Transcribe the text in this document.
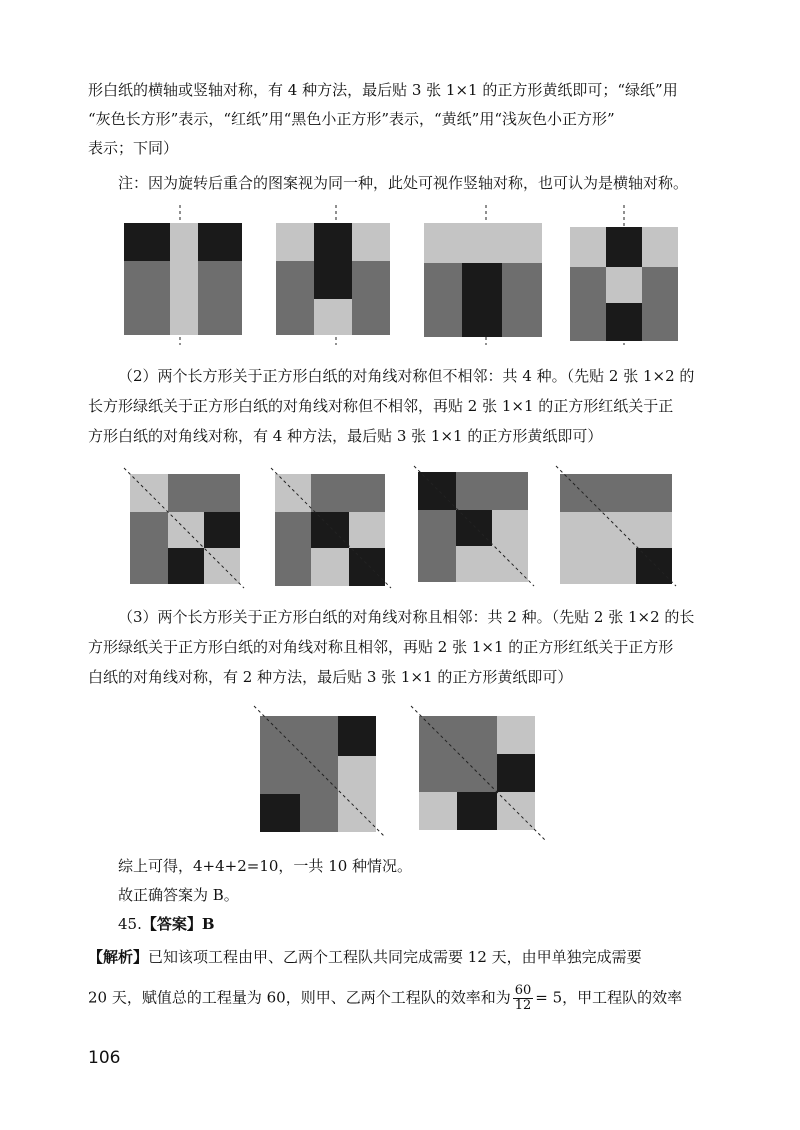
形白纸的横轴或竖轴对称，有 4 种方法，最后贴 3 张 1×1 的正方形黄纸即可；“绿纸”用
“灰色长方形”表示，“红纸”用“黑色小正方形”表示，“黄纸”用“浅灰色小正方形”
表示；下同）
注：因为旋转后重合的图案视为同一种，此处可视作竖轴对称，也可认为是横轴对称。
（2）两个长方形关于正方形白纸的对角线对称但不相邻：共 4 种。（先贴 2 张 1×2 的
长方形绿纸关于正方形白纸的对角线对称但不相邻，再贴 2 张 1×1 的正方形红纸关于正
方形白纸的对角线对称，有 4 种方法，最后贴 3 张 1×1 的正方形黄纸即可）
（3）两个长方形关于正方形白纸的对角线对称且相邻：共 2 种。（先贴 2 张 1×2 的长
方形绿纸关于正方形白纸的对角线对称且相邻，再贴 2 张 1×1 的正方形红纸关于正方形
白纸的对角线对称，有 2 种方法，最后贴 3 张 1×1 的正方形黄纸即可）
综上可得，4+4+2=10，一共 10 种情况。
故正确答案为 B。
45.【答案】B
【解析】已知该项工程由甲、乙两个工程队共同完成需要 12 天，由甲单独完成需要
20 天，赋值总的工程量为 60，则甲、乙两个工程队的效率和为 $\frac{60}{12} = 5$，甲工程队的效率
106
